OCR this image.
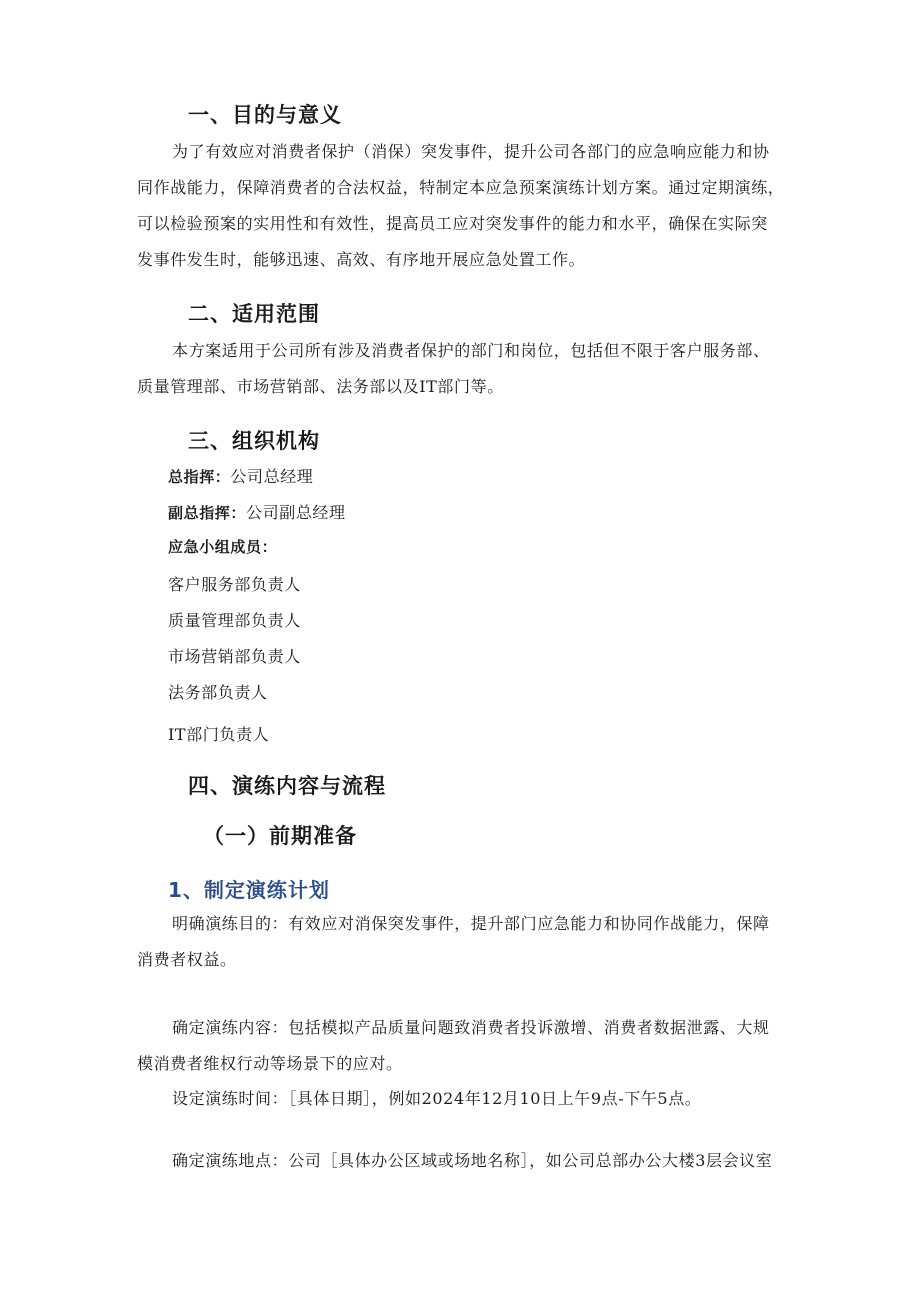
一、目的与意义

为了有效应对消费者保护（消保）突发事件，提升公司各部门的应急响应能力和协

同作战能力，保障消费者的合法权益，特制定本应急预案演练计划方案。通过定期演练，

可以检验预案的实用性和有效性，提高员工应对突发事件的能力和水平，确保在实际突

发事件发生时，能够迅速、高效、有序地开展应急处置工作。

二、适用范围

本方案适用于公司所有涉及消费者保护的部门和岗位，包括但不限于客户服务部、

质量管理部、市场营销部、法务部以及IT部门等。

三、组织机构

总指挥：公司总经理

副总指挥：公司副总经理

应急小组成员：

客户服务部负责人

质量管理部负责人

市场营销部负责人

法务部负责人

IT部门负责人

四、演练内容与流程
（一）前期准备
1、制定演练计划

明确演练目的：有效应对消保突发事件，提升部门应急能力和协同作战能力，保障

消费者权益。

确定演练内容：包括模拟产品质量问题致消费者投诉激增、消费者数据泄露、大规

模消费者维权行动等场景下的应对。

设定演练时间：［具体日期］，例如2024年12月10日上午9点-下午5点。

确定演练地点：公司［具体办公区域或场地名称］，如公司总部办公大楼3层会议室
